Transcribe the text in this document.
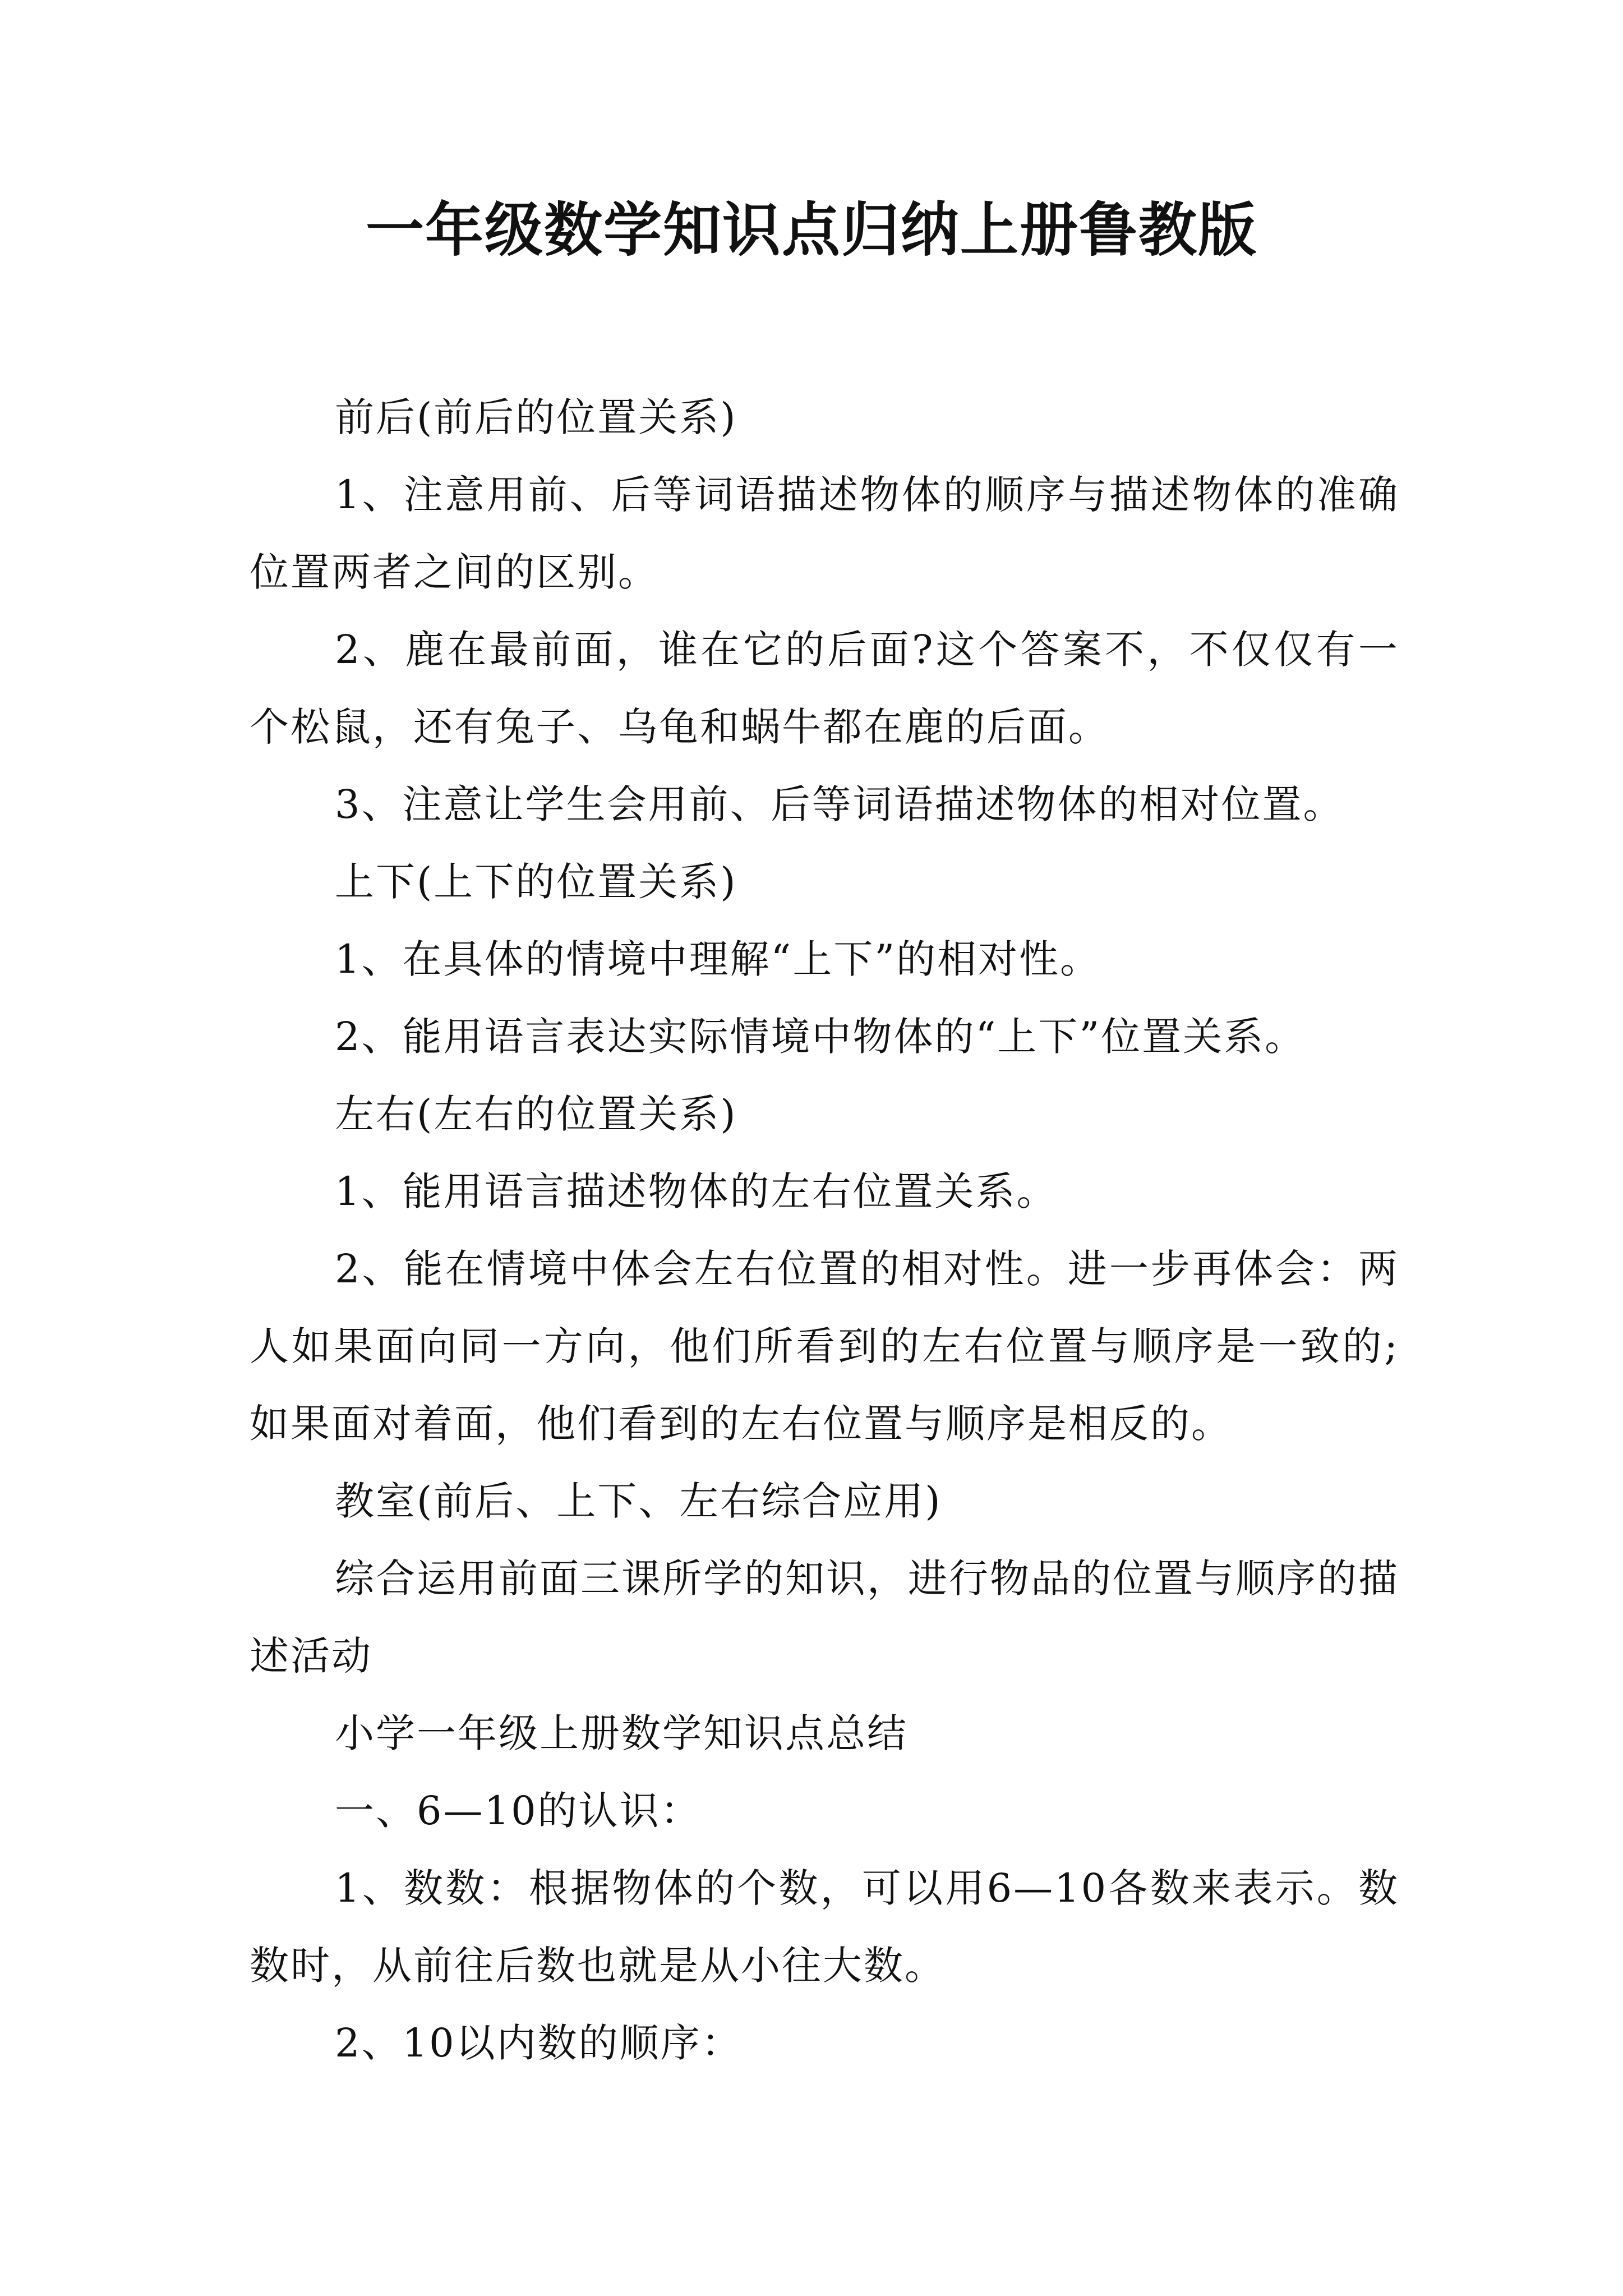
一年级数学知识点归纳上册鲁教版

前后(前后的位置关系)

1、注意用前、后等词语描述物体的顺序与描述物体的准确位置两者之间的区别。

2、鹿在最前面，谁在它的后面?这个答案不，不仅仅有一个松鼠，还有兔子、乌龟和蜗牛都在鹿的后面。

3、注意让学生会用前、后等词语描述物体的相对位置。

上下(上下的位置关系)

1、在具体的情境中理解“上下”的相对性。

2、能用语言表达实际情境中物体的“上下”位置关系。

左右(左右的位置关系)

1、能用语言描述物体的左右位置关系。

2、能在情境中体会左右位置的相对性。进一步再体会：两人如果面向同一方向，他们所看到的左右位置与顺序是一致的;如果面对着面，他们看到的左右位置与顺序是相反的。

教室(前后、上下、左右综合应用)

综合运用前面三课所学的知识，进行物品的位置与顺序的描述活动

小学一年级上册数学知识点总结

一、6—10的认识：

1、数数：根据物体的个数，可以用6—10各数来表示。数数时，从前往后数也就是从小往大数。

2、10以内数的顺序：
